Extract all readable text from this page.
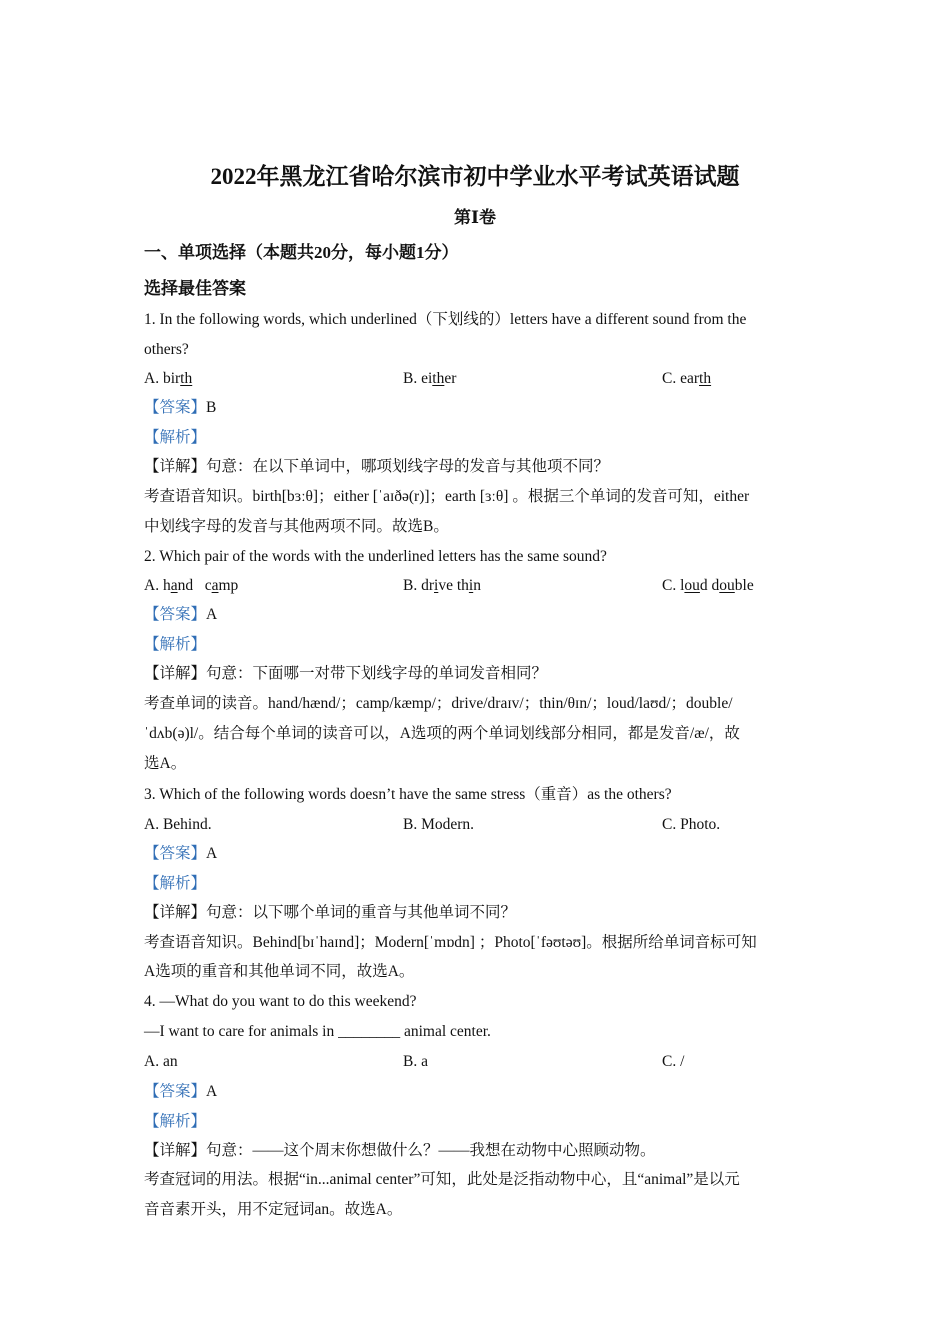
2022年黑龙江省哈尔滨市初中学业水平考试英语试题
第Ⅰ卷
一、单项选择（本题共20分，每小题1分）
选择最佳答案
1. In the following words, which underlined（下划线的）letters have a different sound from the
others?
A. birth	B. either	C. earth
【答案】B
【解析】
【详解】句意：在以下单词中，哪项划线字母的发音与其他项不同？
考查语音知识。birth[bɜːθ]；either [ˈaɪðə(r)]；earth [ɜːθ] 。根据三个单词的发音可知，either
中划线字母的发音与其他两项不同。故选B。
2. Which pair of the words with the underlined letters has the same sound?
A. hand camp	B. drive thin	C. loud double
【答案】A
【解析】
【详解】句意：下面哪一对带下划线字母的单词发音相同？
考查单词的读音。hand/hænd/；camp/kæmp/；drive/draɪv/；thin/θɪn/；loud/laʊd/；double/
ˈdʌb(ə)l/。结合每个单词的读音可以，A选项的两个单词划线部分相同，都是发音/æ/，故
选A。
3. Which of the following words doesn’t have the same stress（重音）as the others?
A. Behind.	B. Modern.	C. Photo.
【答案】A
【解析】
【详解】句意：以下哪个单词的重音与其他单词不同？
考查语音知识。Behind[bɪˈhaɪnd]；Modern[ˈmɒdn] ；Photo[ˈfəʊtəʊ]。根据所给单词音标可知
A选项的重音和其他单词不同，故选A。
4. —What do you want to do this weekend?
—I want to care for animals in ________ animal center.
A. an	B. a	C. /
【答案】A
【解析】
【详解】句意：——这个周末你想做什么？——我想在动物中心照顾动物。
考查冠词的用法。根据“in...animal center”可知，此处是泛指动物中心，且“animal”是以元
音音素开头，用不定冠词an。故选A。
